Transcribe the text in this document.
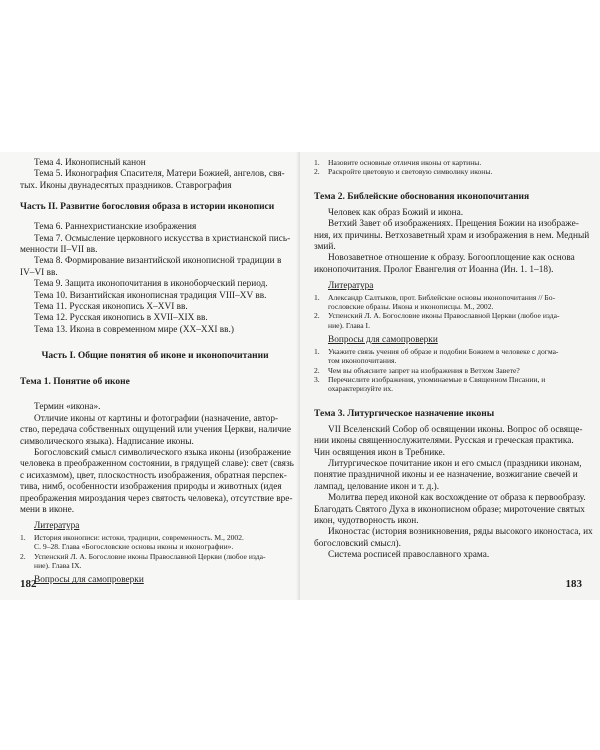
Тема 4. Иконописный канон
Тема 5. Иконография Спасителя, Матери Божией, ангелов, свя-
тых. Иконы двунадесятых праздников. Ставрография
Часть II. Развитие богословия образа в истории иконописи
Тема 6. Раннехристианские изображения
Тема 7. Осмысление церковного искусства в христианской пись-
менности II–VII вв.
Тема 8. Формирование византийской иконописной традиции в
IV–VI вв.
Тема 9. Защита иконопочитания в иконоборческий период.
Тема 10. Византийская иконописная традиция VIII–XV вв.
Тема 11. Русская иконопись X–XVI вв.
Тема 12. Русская иконопись в XVII–XIX вв.
Тема 13. Икона в современном мире (XX–XXI вв.)
Часть I. Общие понятия об иконе и иконопочитании
Тема 1. Понятие об иконе
Термин «икона».
Отличие иконы от картины и фотографии (назначение, автор-
ство, передача собственных ощущений или учения Церкви, наличие
символического языка). Надписание иконы.
Богословский смысл символического языка иконы (изображение
человека в преображенном состоянии, в грядущей славе): свет (связь
с исихазмом), цвет, плоскостность изображения, обратная перспек-
тива, нимб, особенности изображения природы и животных (идея
преображения мироздания через святость человека), отсутствие вре-
мени в иконе.
Литература
1. История иконописи: истоки, традиции, современность. М., 2002.
С. 9–28. Глава «Богословские основы иконы и иконографии».
2. Успенский Л. А. Богословие иконы Православной Церкви (любое изда-
ние). Глава IX.
Вопросы для самопроверки
182
1. Назовите основные отличия иконы от картины.
2. Раскройте цветовую и световую символику иконы.
Тема 2. Библейские обоснования иконопочитания
Человек как образ Божий и икона.
Ветхий Завет об изображениях. Прещения Божии на изображе-
ния, их причины. Ветхозаветный храм и изображения в нем. Медный
змий.
Новозаветное отношение к образу. Богооплощение как основа
иконопочитания. Пролог Евангелия от Иоанна (Ин. 1. 1–18).
Литература
1. Александр Салтыков, прот. Библейские основы иконопочитания // Бо-
гословские образы. Икона и иконописцы. М., 2002.
2. Успенский Л. А. Богословие иконы Православной Церкви (любое изда-
ние). Глава I.
Вопросы для самопроверки
1. Укажите связь учения об образе и подобии Божием в человеке с догма-
том иконопочитания.
2. Чем вы объясните запрет на изображения в Ветхом Завете?
3. Перечислите изображения, упоминаемые в Священном Писании, и
охарактеризуйте их.
Тема 3. Литургическое назначение иконы
VII Вселенский Собор об освящении иконы. Вопрос об освяще-
нии иконы священнослужителями. Русская и греческая практика.
Чин освящения икон в Требнике.
Литургическое почитание икон и его смысл (праздники иконам,
понятие праздничной иконы и ее назначение, возжигание свечей и
лампад, целование икон и т. д.).
Молитва перед иконой как восхождение от образа к первообразу.
Благодать Святого Духа в иконописном образе; мироточение святых
икон, чудотворность икон.
Иконостас (история возникновения, ряды высокого иконостаса, их
богословский смысл).
Система росписей православного храма.
183
